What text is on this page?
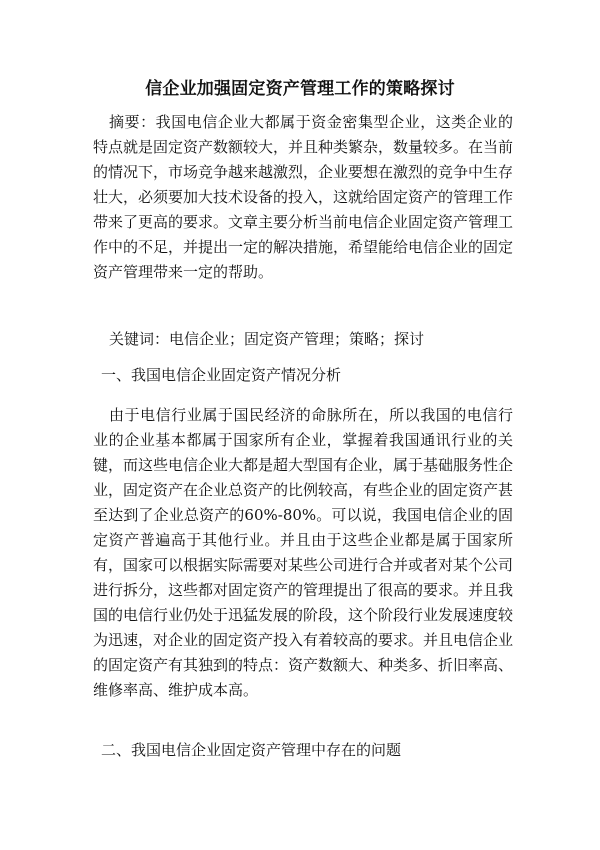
信企业加强固定资产管理工作的策略探讨
摘要：我国电信企业大都属于资金密集型企业，这类企业的特点就是固定资产数额较大，并且种类繁杂，数量较多。在当前的情况下，市场竞争越来越激烈，企业要想在激烈的竞争中生存壮大，必须要加大技术设备的投入，这就给固定资产的管理工作带来了更高的要求。文章主要分析当前电信企业固定资产管理工作中的不足，并提出一定的解决措施，希望能给电信企业的固定资产管理带来一定的帮助。
关键词：电信企业；固定资产管理；策略；探讨
一、我国电信企业固定资产情况分析
由于电信行业属于国民经济的命脉所在，所以我国的电信行业的企业基本都属于国家所有企业，掌握着我国通讯行业的关键，而这些电信企业大都是超大型国有企业，属于基础服务性企业，固定资产在企业总资产的比例较高，有些企业的固定资产甚至达到了企业总资产的60%-80%。可以说，我国电信企业的固定资产普遍高于其他行业。并且由于这些企业都是属于国家所有，国家可以根据实际需要对某些公司进行合并或者对某个公司进行拆分，这些都对固定资产的管理提出了很高的要求。并且我国的电信行业仍处于迅猛发展的阶段，这个阶段行业发展速度较为迅速，对企业的固定资产投入有着较高的要求。并且电信企业的固定资产有其独到的特点：资产数额大、种类多、折旧率高、维修率高、维护成本高。
二、我国电信企业固定资产管理中存在的问题
